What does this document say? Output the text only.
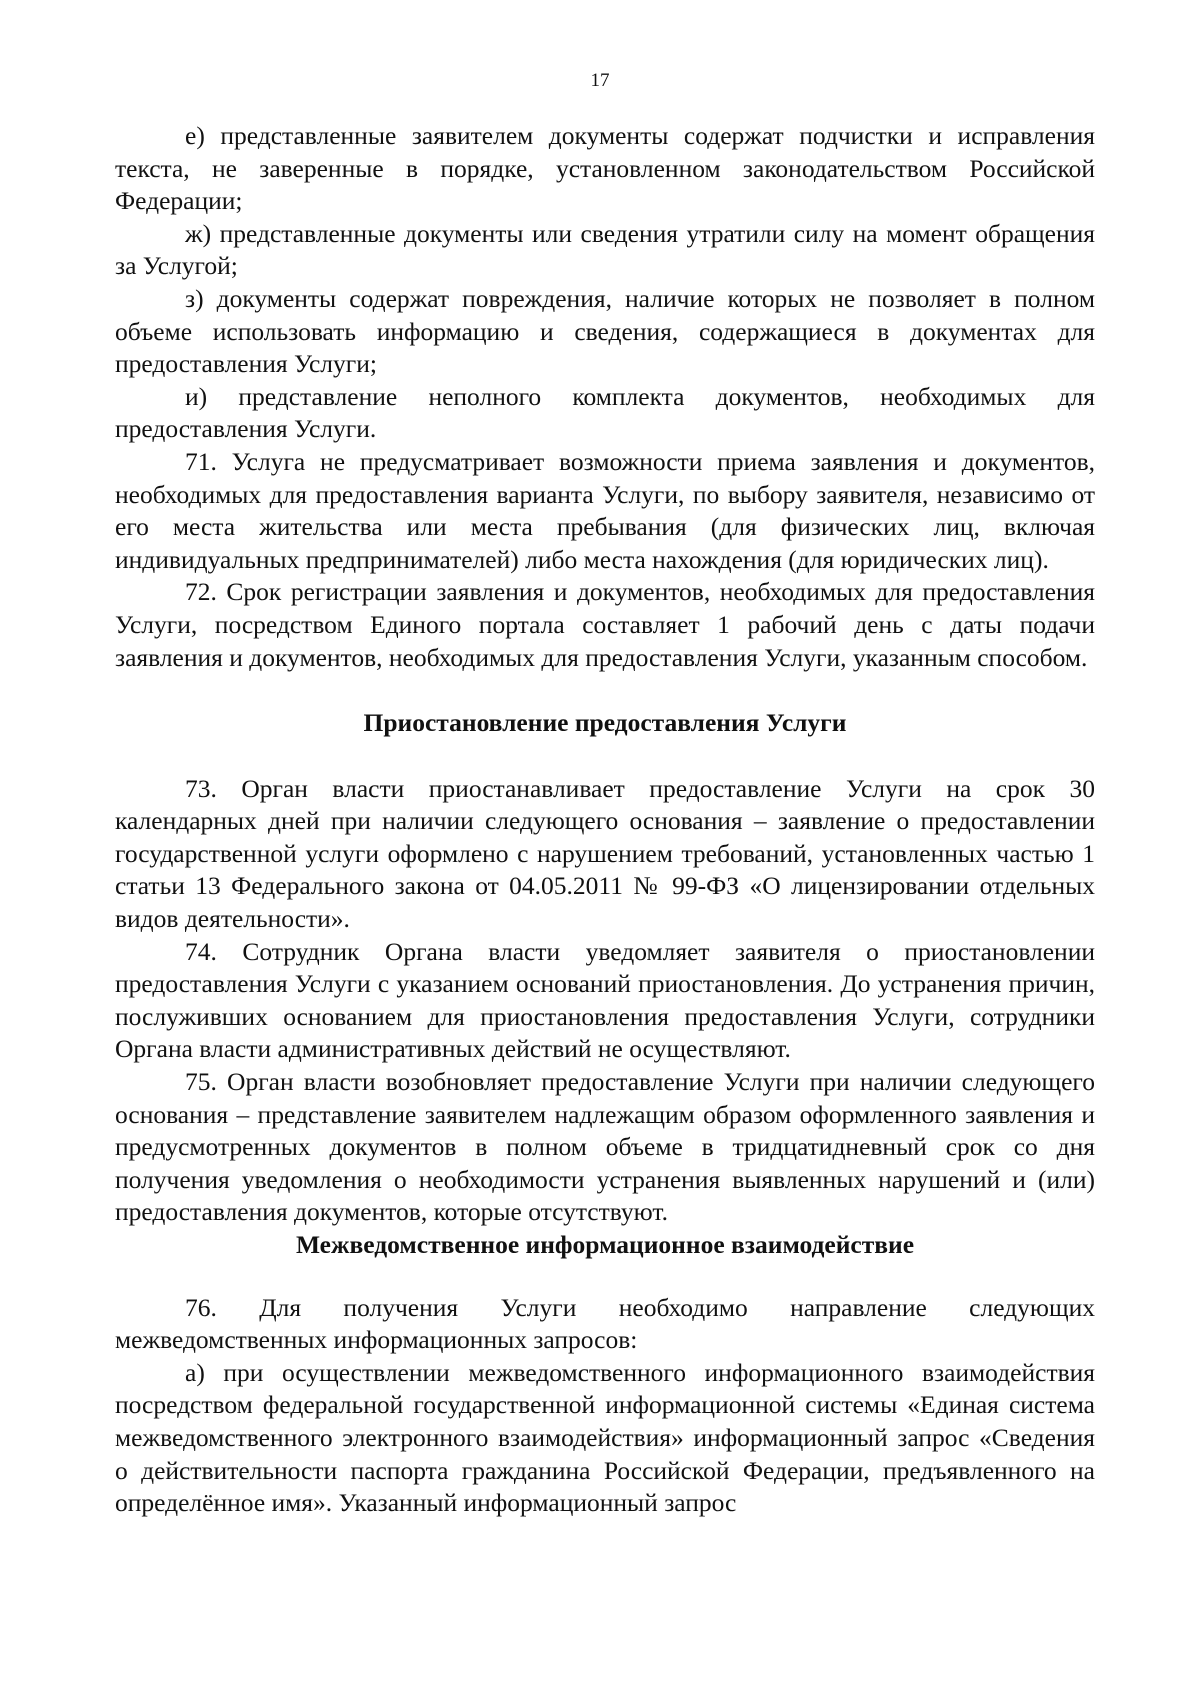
17

е) представленные заявителем документы содержат подчистки и исправления текста, не заверенные в порядке, установленном законодательством Российской Федерации;

ж) представленные документы или сведения утратили силу на момент обращения за Услугой;

з) документы содержат повреждения, наличие которых не позволяет в полном объеме использовать информацию и сведения, содержащиеся в документах для предоставления Услуги;

и) представление неполного комплекта документов, необходимых для предоставления Услуги.

71. Услуга не предусматривает возможности приема заявления и документов, необходимых для предоставления варианта Услуги, по выбору заявителя, независимо от его места жительства или места пребывания (для физических лиц, включая индивидуальных предпринимателей) либо места нахождения (для юридических лиц).

72. Срок регистрации заявления и документов, необходимых для предоставления Услуги, посредством Единого портала составляет 1 рабочий день с даты подачи заявления и документов, необходимых для предоставления Услуги, указанным способом.

Приостановление предоставления Услуги

73. Орган власти приостанавливает предоставление Услуги на срок 30 календарных дней при наличии следующего основания – заявление о предоставлении государственной услуги оформлено с нарушением требований, установленных частью 1 статьи 13 Федерального закона от 04.05.2011 № 99-ФЗ «О лицензировании отдельных видов деятельности».

74. Сотрудник Органа власти уведомляет заявителя о приостановлении предоставления Услуги с указанием оснований приостановления. До устранения причин, послуживших основанием для приостановления предоставления Услуги, сотрудники Органа власти административных действий не осуществляют.

75. Орган власти возобновляет предоставление Услуги при наличии следующего основания – представление заявителем надлежащим образом оформленного заявления и предусмотренных документов в полном объеме в тридцатидневный срок со дня получения уведомления о необходимости устранения выявленных нарушений и (или) предоставления документов, которые отсутствуют.

Межведомственное информационное взаимодействие

76. Для получения Услуги необходимо направление следующих межведомственных информационных запросов:

а) при осуществлении межведомственного информационного взаимодействия посредством федеральной государственной информационной системы «Единая система межведомственного электронного взаимодействия» информационный запрос «Сведения о действительности паспорта гражданина Российской Федерации, предъявленного на определённое имя». Указанный информационный запрос
